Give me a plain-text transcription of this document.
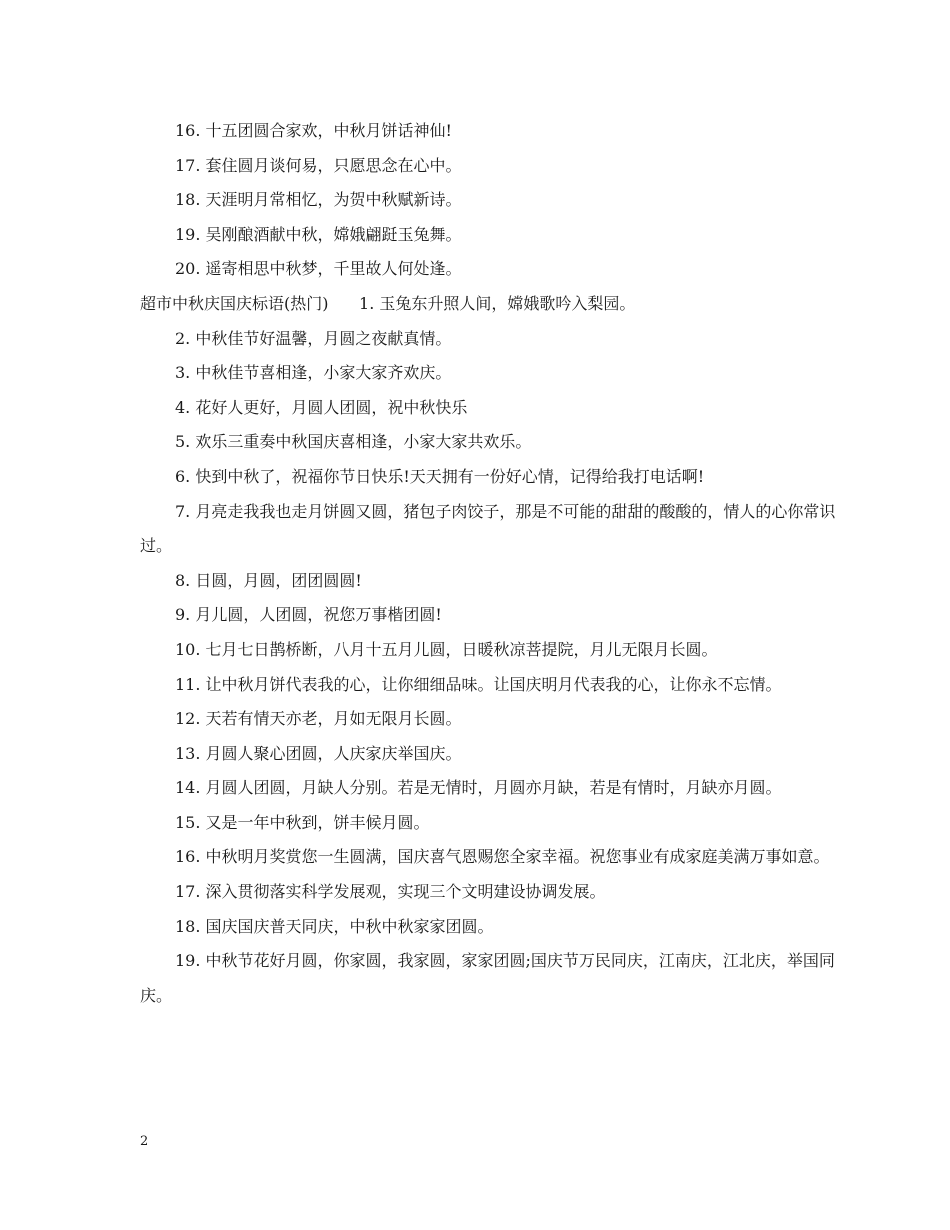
16. 十五团圆合家欢，中秋月饼话神仙!

17. 套住圆月谈何易，只愿思念在心中。

18. 天涯明月常相忆，为贺中秋赋新诗。

19. 吴刚酿酒献中秋，嫦娥翩跹玉兔舞。

20. 遥寄相思中秋梦，千里故人何处逢。

超市中秋庆国庆标语(热门) 1. 玉兔东升照人间，嫦娥歌吟入梨园。

2. 中秋佳节好温馨，月圆之夜献真情。

3. 中秋佳节喜相逢，小家大家齐欢庆。

4. 花好人更好，月圆人团圆，祝中秋快乐

5. 欢乐三重奏中秋国庆喜相逢，小家大家共欢乐。

6. 快到中秋了，祝福你节日快乐!天天拥有一份好心情，记得给我打电话啊!

7. 月亮走我我也走月饼圆又圆，猪包子肉饺子，那是不可能的甜甜的酸酸的，情人的心你常识过。

8. 日圆，月圆，团团圆圆!

9. 月儿圆，人团圆，祝您万事楷团圆!

10. 七月七日鹊桥断，八月十五月儿圆，日暖秋凉菩提院，月儿无限月长圆。

11. 让中秋月饼代表我的心，让你细细品味。让国庆明月代表我的心，让你永不忘情。

12. 天若有情天亦老，月如无限月长圆。

13. 月圆人聚心团圆，人庆家庆举国庆。

14. 月圆人团圆，月缺人分别。若是无情时，月圆亦月缺，若是有情时，月缺亦月圆。

15. 又是一年中秋到，饼丰候月圆。

16. 中秋明月奖赏您一生圆满，国庆喜气恩赐您全家幸福。祝您事业有成家庭美满万事如意。

17. 深入贯彻落实科学发展观，实现三个文明建设协调发展。

18. 国庆国庆普天同庆，中秋中秋家家团圆。

19. 中秋节花好月圆，你家圆，我家圆，家家团圆;国庆节万民同庆，江南庆，江北庆，举国同庆。

2
